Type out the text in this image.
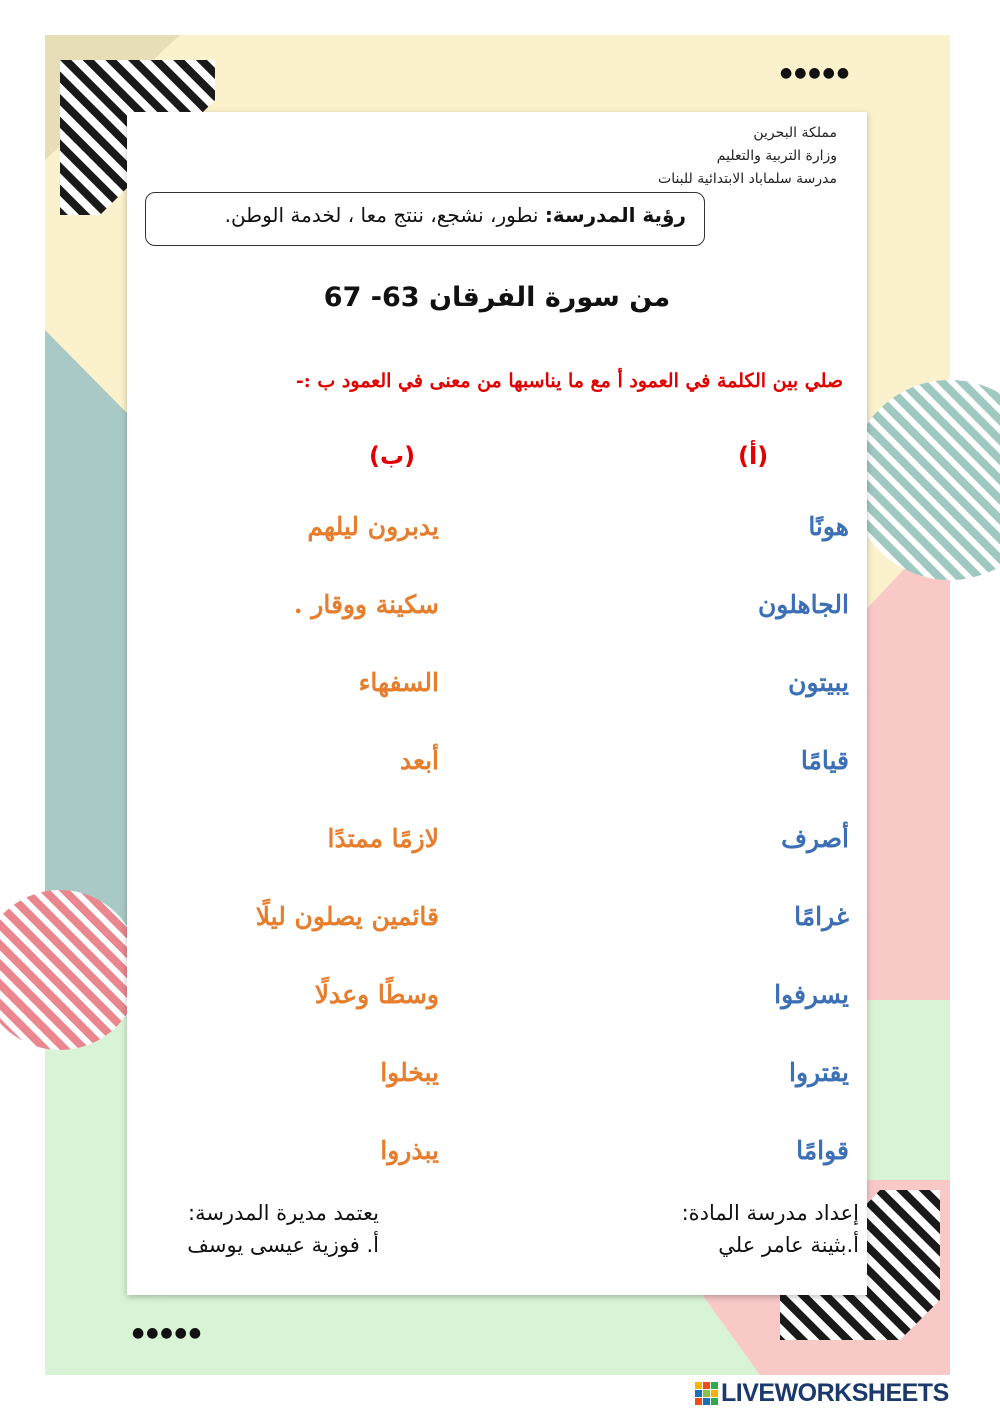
●●●●●
●●●●●
مملكة البحرين
وزارة التربية والتعليم
مدرسة سلماباد الابتدائية للبنات
رؤية المدرسة: نطور، نشجع، ننتج معا ، لخدمة الوطن.
من سورة الفرقان 63- 67
صلي بين الكلمة في العمود أ مع ما يناسبها من معنى في العمود ب :-
(أ)
(ب)
هونًا
الجاهلون
يبيتون
قيامًا
أصرف
غرامًا
يسرفوا
يقتروا
قوامًا
يدبرون ليلهم
سكينة ووقار .
السفهاء
أبعد
لازمًا ممتدًا
قائمين يصلون ليلًا
وسطًا وعدلًا
يبخلوا
يبذروا
إعداد مدرسة المادة:
أ.بثينة عامر علي
يعتمد مديرة المدرسة:
أ. فوزية عيسى يوسف
LIVEWORKSHEETS
